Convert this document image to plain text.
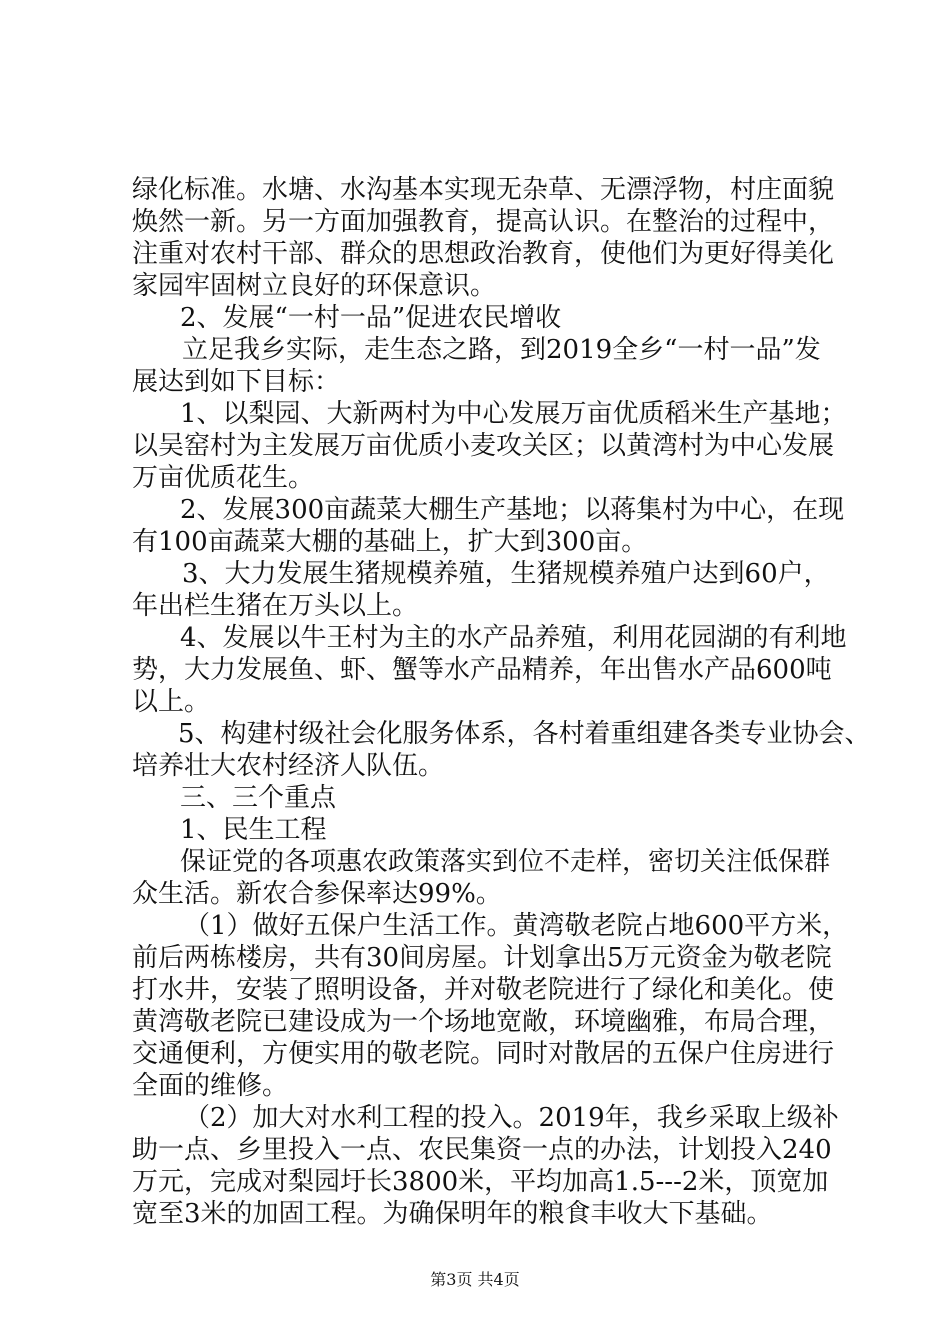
绿化标准。水塘、水沟基本实现无杂草、无漂浮物，村庄面貌
焕然一新。另一方面加强教育，提高认识。在整治的过程中，
注重对农村干部、群众的思想政治教育，使他们为更好得美化
家园牢固树立良好的环保意识。
2、发展“一村一品”促进农民增收
立足我乡实际，走生态之路，到2019全乡“一村一品”发
展达到如下目标：
1、以梨园、大新两村为中心发展万亩优质稻米生产基地；
以吴窑村为主发展万亩优质小麦攻关区；以黄湾村为中心发展
万亩优质花生。
2、发展300亩蔬菜大棚生产基地；以蒋集村为中心，在现
有100亩蔬菜大棚的基础上，扩大到300亩。
3、大力发展生猪规模养殖，生猪规模养殖户达到60户，
年出栏生猪在万头以上。
4、发展以牛王村为主的水产品养殖，利用花园湖的有利地
势，大力发展鱼、虾、蟹等水产品精养，年出售水产品600吨
以上。
5、构建村级社会化服务体系，各村着重组建各类专业协会、
培养壮大农村经济人队伍。
三、三个重点
1、民生工程
保证党的各项惠农政策落实到位不走样，密切关注低保群
众生活。新农合参保率达99%。
（1）做好五保户生活工作。黄湾敬老院占地600平方米，
前后两栋楼房，共有30间房屋。计划拿出5万元资金为敬老院
打水井，安装了照明设备，并对敬老院进行了绿化和美化。使
黄湾敬老院已建设成为一个场地宽敞，环境幽雅，布局合理，
交通便利，方便实用的敬老院。同时对散居的五保户住房进行
全面的维修。
（2）加大对水利工程的投入。2019年，我乡采取上级补
助一点、乡里投入一点、农民集资一点的办法，计划投入240
万元，完成对梨园圩长3800米，平均加高1.5---2米，顶宽加
宽至3米的加固工程。为确保明年的粮食丰收大下基础。
第3页 共4页
